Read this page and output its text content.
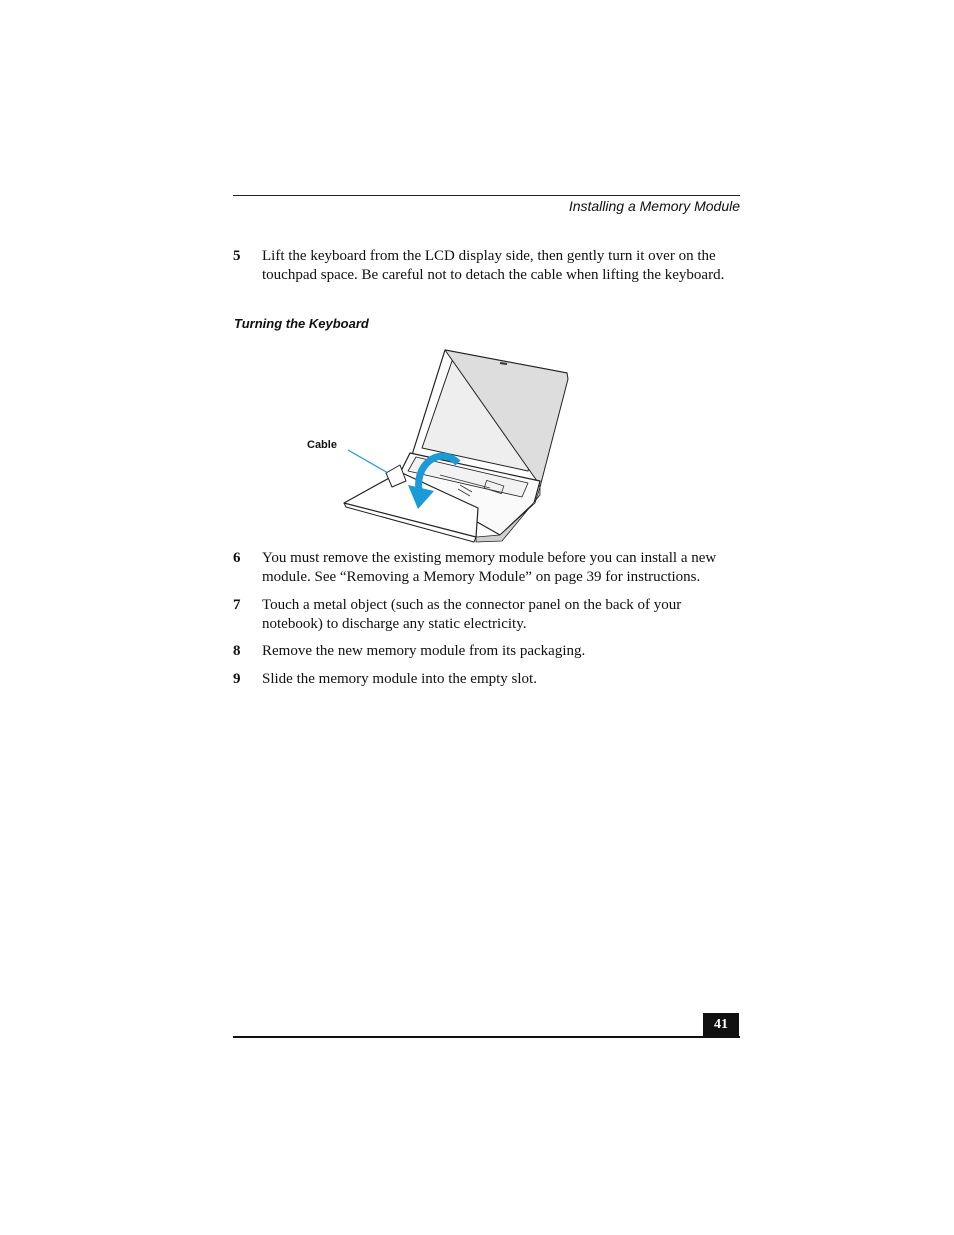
Installing a Memory Module
5 Lift the keyboard from the LCD display side, then gently turn it over on the touchpad space. Be careful not to detach the cable when lifting the keyboard.
Turning the Keyboard
Cable
6 You must remove the existing memory module before you can install a new module. See “Removing a Memory Module” on page 39 for instructions.
7 Touch a metal object (such as the connector panel on the back of your notebook) to discharge any static electricity.
8 Remove the new memory module from its packaging.
9 Slide the memory module into the empty slot.
41
